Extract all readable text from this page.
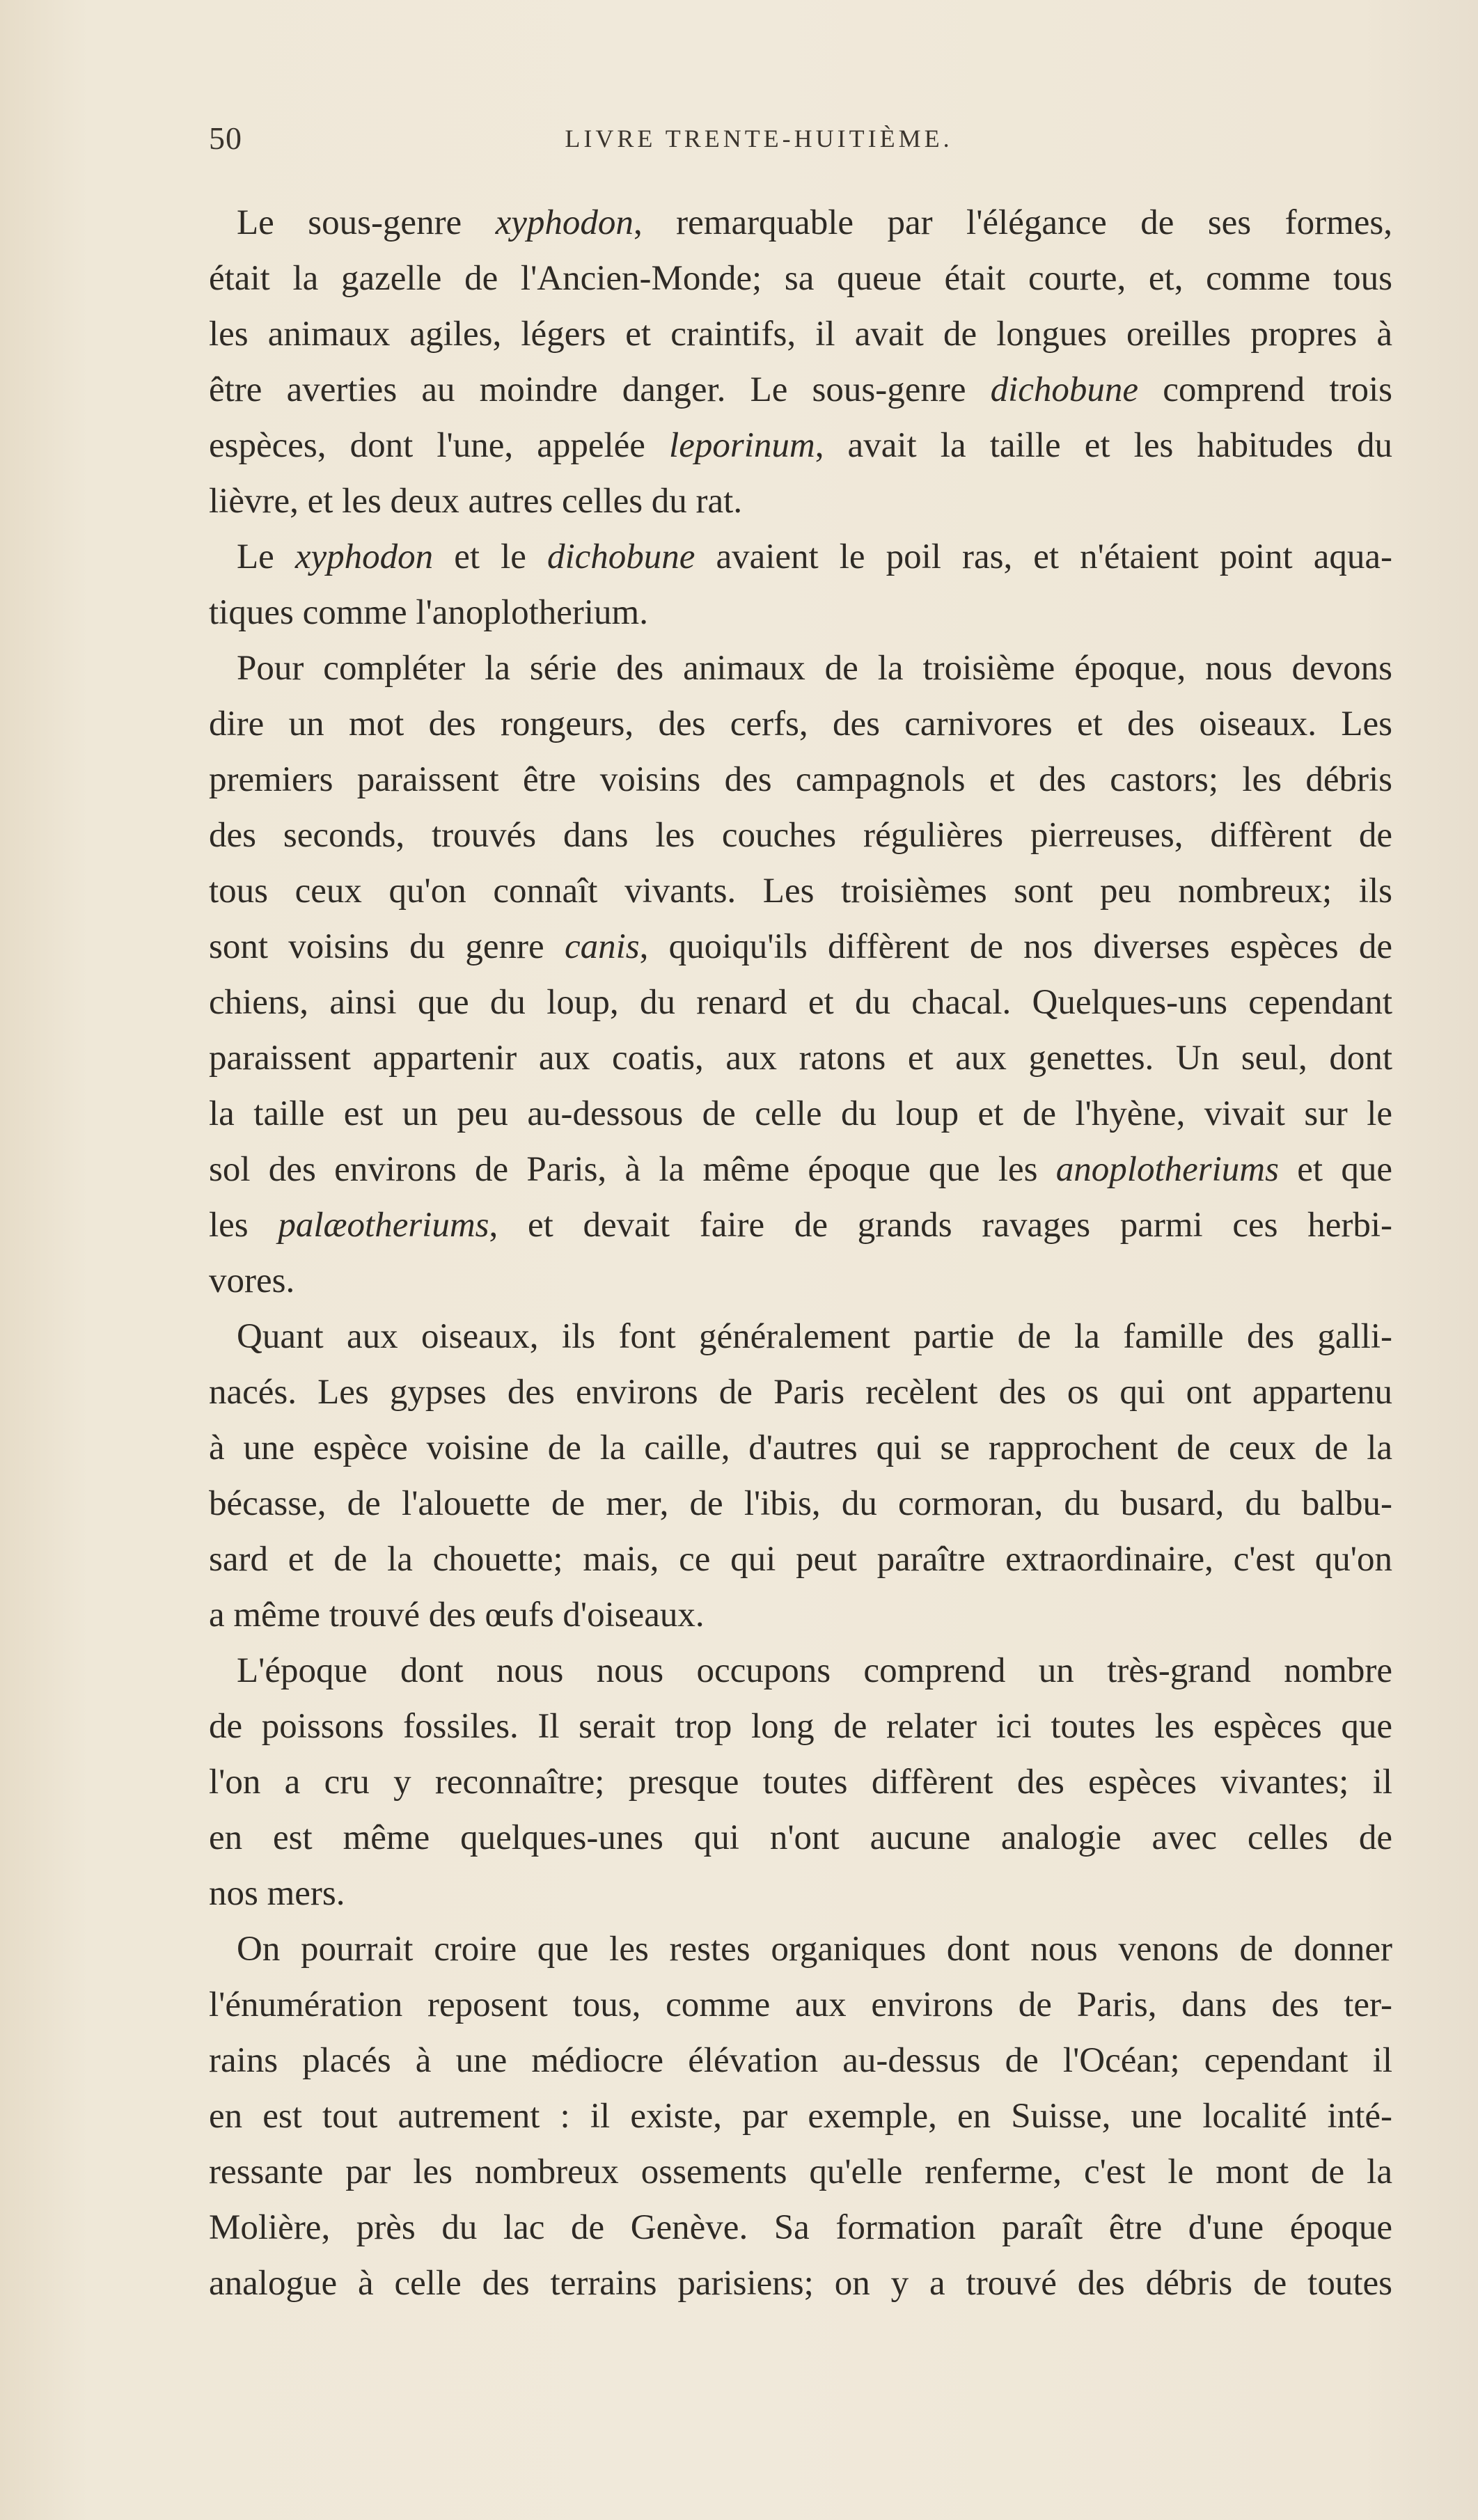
50	LIVRE TRENTE-HUITIÈME.
Le sous-genre xyphodon, remarquable par l'élégance de ses formes,
était la gazelle de l'Ancien-Monde; sa queue était courte, et, comme tous
les animaux agiles, légers et craintifs, il avait de longues oreilles propres à
être averties au moindre danger. Le sous-genre dichobune comprend trois
espèces, dont l'une, appelée leporinum, avait la taille et les habitudes du
lièvre, et les deux autres celles du rat.
Le xyphodon et le dichobune avaient le poil ras, et n'étaient point aqua-
tiques comme l'anoplotherium.
Pour compléter la série des animaux de la troisième époque, nous devons
dire un mot des rongeurs, des cerfs, des carnivores et des oiseaux. Les
premiers paraissent être voisins des campagnols et des castors; les débris
des seconds, trouvés dans les couches régulières pierreuses, diffèrent de
tous ceux qu'on connaît vivants. Les troisièmes sont peu nombreux; ils
sont voisins du genre canis, quoiqu'ils diffèrent de nos diverses espèces de
chiens, ainsi que du loup, du renard et du chacal. Quelques-uns cependant
paraissent appartenir aux coatis, aux ratons et aux genettes. Un seul, dont
la taille est un peu au-dessous de celle du loup et de l'hyène, vivait sur le
sol des environs de Paris, à la même époque que les anoplotheriums et que
les palæotheriums, et devait faire de grands ravages parmi ces herbi-
vores.
Quant aux oiseaux, ils font généralement partie de la famille des galli-
nacés. Les gypses des environs de Paris recèlent des os qui ont appartenu
à une espèce voisine de la caille, d'autres qui se rapprochent de ceux de la
bécasse, de l'alouette de mer, de l'ibis, du cormoran, du busard, du balbu-
sard et de la chouette; mais, ce qui peut paraître extraordinaire, c'est qu'on
a même trouvé des œufs d'oiseaux.
L'époque dont nous nous occupons comprend un très-grand nombre
de poissons fossiles. Il serait trop long de relater ici toutes les espèces que
l'on a cru y reconnaître; presque toutes diffèrent des espèces vivantes; il
en est même quelques-unes qui n'ont aucune analogie avec celles de
nos mers.
On pourrait croire que les restes organiques dont nous venons de donner
l'énumération reposent tous, comme aux environs de Paris, dans des ter-
rains placés à une médiocre élévation au-dessus de l'Océan; cependant il
en est tout autrement : il existe, par exemple, en Suisse, une localité inté-
ressante par les nombreux ossements qu'elle renferme, c'est le mont de la
Molière, près du lac de Genève. Sa formation paraît être d'une époque
analogue à celle des terrains parisiens; on y a trouvé des débris de toutes
